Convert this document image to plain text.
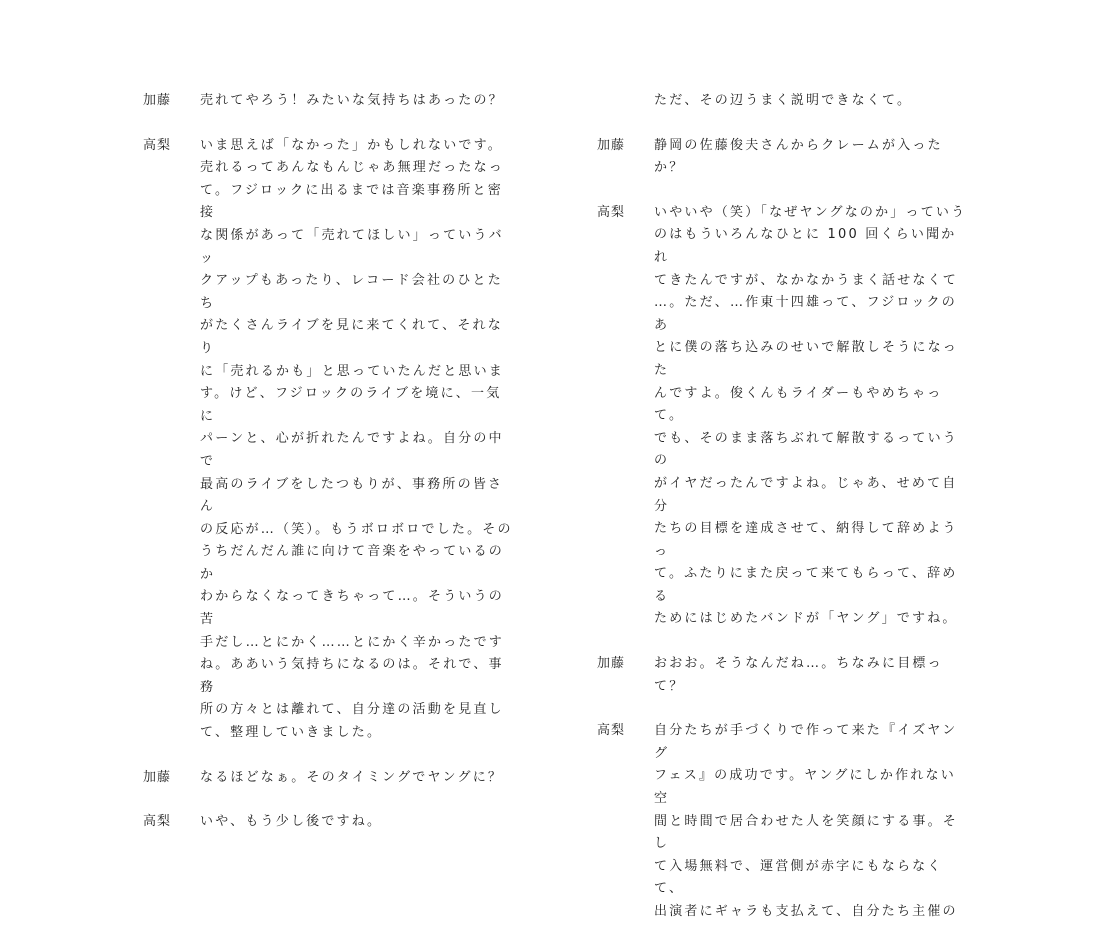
加藤 売れてやろう！みたいな気持ちはあったの？
高梨 いま思えば「なかった」かもしれないです。
売れるってあんなもんじゃあ無理だったなっ
て。フジロックに出るまでは音楽事務所と密接
な関係があって「売れてほしい」っていうバッ
クアップもあったり、レコード会社のひとたち
がたくさんライブを見に来てくれて、それなり
に「売れるかも」と思っていたんだと思いま
す。けど、フジロックのライブを境に、一気に
パーンと、心が折れたんですよね。自分の中で
最高のライブをしたつもりが、事務所の皆さん
の反応が…（笑）。もうボロボロでした。その
うちだんだん誰に向けて音楽をやっているのか
わからなくなってきちゃって…。そういうの苦
手だし…とにかく……とにかく辛かったです
ね。ああいう気持ちになるのは。それで、事務
所の方々とは離れて、自分達の活動を見直し
て、整理していきました。
加藤 なるほどなぁ。そのタイミングでヤングに？
高梨 いや、もう少し後ですね。
ただ、その辺うまく説明できなくて。
加藤 静岡の佐藤俊夫さんからクレームが入ったか？
高梨 いやいや（笑）「なぜヤングなのか」っていう
のはもういろんなひとに 100 回くらい聞かれ
てきたんですが、なかなかうまく話せなくて
…。ただ、…作東十四雄って、フジロックのあ
とに僕の落ち込みのせいで解散しそうになった
んですよ。俊くんもライダーもやめちゃって。
でも、そのまま落ちぶれて解散するっていうの
がイヤだったんですよね。じゃあ、せめて自分
たちの目標を達成させて、納得して辞めようっ
て。ふたりにまた戻って来てもらって、辞める
ためにはじめたバンドが「ヤング」ですね。
加藤 おおお。そうなんだね…。ちなみに目標って？
高梨 自分たちが手づくりで作って来た『イズヤング
フェス』の成功です。ヤングにしか作れない空
間と時間で居合わせた人を笑顔にする事。そし
て入場無料で、運営側が赤字にもならなくて、
出演者にギャラも支払えて、自分たち主催の
